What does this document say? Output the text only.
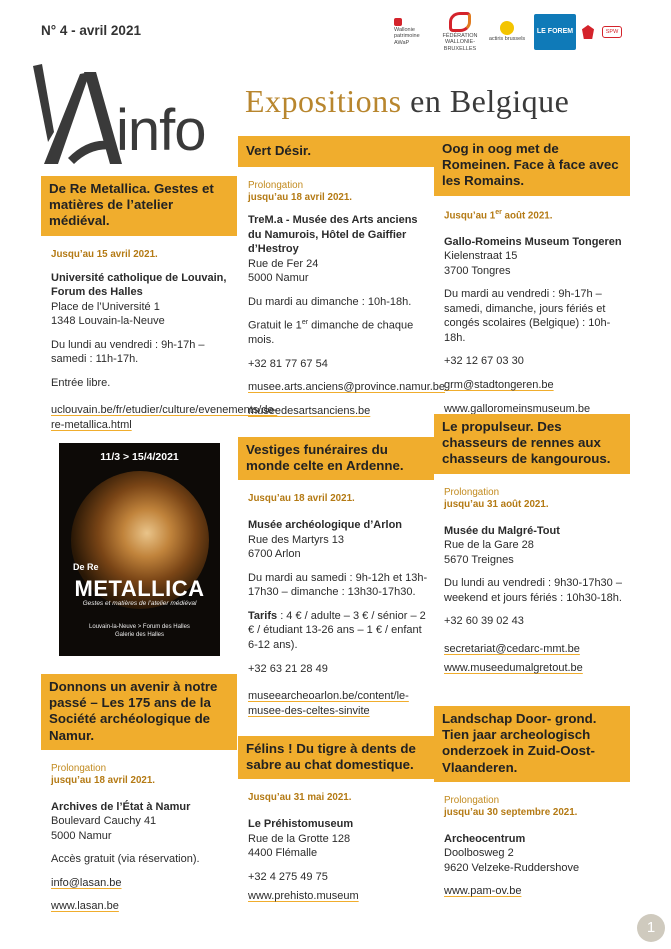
N° 4 - avril 2021	Wallonie patrimoine AWaP
FÉDÉRATION WALLONIE-BRUXELLES
actiris brussels
LE FOREM	SPW
info Expositions en Belgique
De Re Metallica. Gestes et matières de l’atelier médiéval.
Jusqu’au 15 avril 2021.
Université catholique de Louvain, Forum des Halles
Place de l’Université 1
1348 Louvain-la-Neuve
Du lundi au vendredi : 9h-17h – samedi : 11h-17h.
Entrée libre.
uclouvain.be/fr/etudier/culture/evenements/de-re-metallica.html
11/3 > 15/4/2021
De Re
METALLICA
Gestes et matières de l’atelier médiéval
Louvain-la-Neuve > Forum des Halles
Galerie des Halles
Donnons un avenir à notre passé – Les 175 ans de la Société archéologique de Namur.
Prolongation
jusqu’au 18 avril 2021.
Archives de l’État à Namur
Boulevard Cauchy 41
5000 Namur
Accès gratuit (via réservation).
info@lasan.be
www.lasan.be
Vert Désir.
Prolongation
jusqu’au 18 avril 2021.
TreM.a - Musée des Arts anciens du Namurois, Hôtel de Gaiffier d’Hestroy
Rue de Fer 24
5000 Namur
Du mardi au dimanche : 10h-18h.
Gratuit le 1er dimanche de chaque mois.
+32 81 77 67 54
musee.arts.anciens@province.namur.be
museedesartsanciens.be
Vestiges funéraires du monde celte en Ardenne.
Jusqu’au 18 avril 2021.
Musée archéologique d’Arlon
Rue des Martyrs 13
6700 Arlon
Du mardi au samedi : 9h-12h et 13h-17h30 – dimanche : 13h30-17h30.
Tarifs : 4 € / adulte – 3 € / sénior – 2 € / étudiant 13-26 ans – 1 € / enfant 6-12 ans).
+32 63 21 28 49
museearcheoarlon.be/content/le-musee-des-celtes-sinvite
Félins ! Du tigre à dents de sabre au chat domestique.
Jusqu’au 31 mai 2021.
Le Préhistomuseum
Rue de la Grotte 128
4400 Flémalle
+32 4 275 49 75
www.prehisto.museum
Oog in oog met de Romeinen. Face à face avec les Romains.
Jusqu’au 1er août 2021.
Gallo-Romeins Museum Tongeren
Kielenstraat 15
3700 Tongres
Du mardi au vendredi : 9h-17h – samedi, dimanche, jours fériés et congés scolaires (Belgique) : 10h-18h.
+32 12 67 03 30
grm@stadtongeren.be
www.galloromeinsmuseum.be
Le propulseur. Des chasseurs de rennes aux chasseurs de kangourous.
Prolongation
jusqu’au 31 août 2021.
Musée du Malgré-Tout
Rue de la Gare 28
5670 Treignes
Du lundi au vendredi : 9h30-17h30 – weekend et jours fériés : 10h30-18h.
+32 60 39 02 43
secretariat@cedarc-mmt.be
www.museedumalgretout.be
Landschap Door- grond. Tien jaar archeologisch onderzoek in Zuid-Oost-Vlaanderen.
Prolongation
jusqu’au 30 septembre 2021.
Archeocentrum
Doolbosweg 2
9620 Velzeke-Ruddershove
www.pam-ov.be
1
